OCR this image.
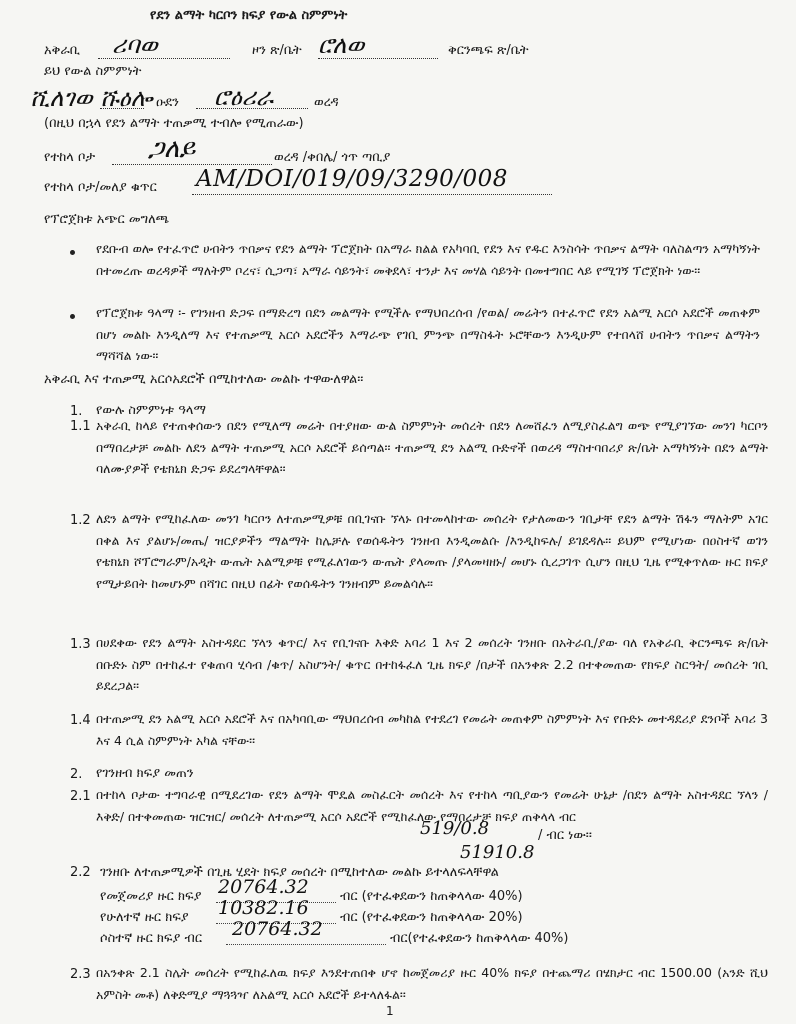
የደን ልማት ካርቦን ክፍያ የውል ስምምነት
አቅራቢ ሪባወ	ዞን ጽ/ቤት ሮለወ	ቅርንጫፍ ጽ/ቤት
ይህ የውል ስምምነት
ሺለገወ ሹዕሎ ዑደን ሮዕሪራ	ወረዳ
(በዚህ በኋላ የደን ልማት ተጠቃሚ ተብሎ የሚጠራው)
የተከላ ቦታ ጋለይ	ወረዳ /ቀበሌ/ ጎጥ ጣቢያ
የተከላ ቦታ/መለያ ቁጥር AM/DOI/019/09/3290/008
የፕሮጀክቱ አጭር መግለጫ
የደቡብ ወሎ የተፈጥሮ ሀብትን ጥበቃና የደን ልማት ፕሮጀክት በአማራ ክልል የአካባቢ የደን እና የዱር እንስሳት ጥበቃና ልማት ባለስልጣን አማካኝነት በተመረጡ ወረዳዎች ማለትም ቦረና፣ ሲጋጣ፣ አማራ ሳይንት፣ መቅደላ፣ ተንታ እና መሃል ሳይንት በመተግበር ላይ የሚገኝ ፕሮጀክት ነው፡፡
የፕሮጀክቱ ዓላማ ፡- የገንዘብ ድጋፍ በማድረግ በደን መልማት የሚችሉ የማህበረሰብ /የወል/ መሬትን በተፈጥሮ የደን አልሚ አርሶ አደሮች መጠቀም በሆነ መልኩ እንዲለማ እና የተጠቃሚ አርሶ አደሮችን እማራጭ የገቢ ምንጭ በማስፋት ኑሮቸውን እንዲሁም የተበላሸ ሀብትን ጥበቃና ልማትን ማሻሻል ነው፡፡
አቅራቢ እና ተጠቃሚ አርሶአደሮች በሚከተለው መልኩ ተዋውለዋል፡፡
1. የውሉ ስምምነቱ ዓላማ
1.1 አቅራቢ ከላይ የተጠቀሰውን በደን የሚለማ መሬት በተያዘው ውል ስምምነት መሰረት በደን ለመሸፈን ለሚያስፈልግ ወጭ የሚያገኘው መንገ ካርቦን በማበረታቻ መልኩ ለደን ልማት ተጠቃሚ አርሶ አደሮች ይሰጣል፡፡ ተጠቃሚ ደን አልሚ ቡድኖች በወረዳ ማስተባበሪያ ጽ/ቤት አማካኝነት በደን ልማት ባለሙያዎች የቴክኒክ ድጋፍ ይደረግላቸዋል፡፡
1.2 ለደን ልማት የሚከፈለው መንገ ካርቦን ለተጠቃሚዎቹ በቢገናቡ ኘላኑ በተመላከተው መሰረት የታለመውን ገቢታቸ የደን ልማት ሽፋን ማለትም አገር በቀል እና ያልሆኑ/መጤ/ ዝርያዎችን ማልማት ከሌቻሉ የወሰዱትን ገንዘብ እንዲመልሱ /እንዲከፍሉ/ ይገደዳሉ፡፡ ይህም የሚሆነው በዐስተኛ ወገን የቴክኒክ ሾፕሮግራም/አዲት ውጤት አልሚዎቹ የሚፈለገውን ውጤት ያላመጡ /ያላመዛዘኑ/ መሆኑ ሲረጋገጥ ሲሆን በዚህ ጊዜ የሚቀጥለው ዙር ክፍያ የሚታይበት ከመሆኑም በሻገር በዚህ በፊት የወሰዱትን ገንዘብም ይመልሳሉ፡፡
1.3 በሀደቀው የደን ልማት አስተዳደር ኘላን ቁጥር/ እና የቢገናቡ እቅድ አባሪ 1 እና 2 መሰረት ገንዘቡ በአትራቢ/ያው ባለ የአቅራቢ ቅርንጫፍ ጽ/ቤት በቡድኑ ስም በተከፈተ የቁጠባ ሂሳብ /ቁጥ/ አስሆንት/ ቁጥር በተከፋፈለ ጊዜ ክፍያ /በታች በአንቀጽ 2.2 በተቀመጠው የክፍያ ስርዓት/ መሰረት ገቢ ይደረጋል፡፡
1.4 በተጠቃሚ ደን አልሚ አርሶ አደሮች እና በአካባቢው ማህበረሰብ መካከል የተደረገ የመሬት መጠቀም ስምምነት እና የቡድኑ መተዳደሪያ ደንቦች አባሪ 3 እና 4 ሲል ስምምነት አካል ናቸው፡፡
2. የገንዘብ ክፍያ መጠን
2.1 በተከላ ቦታው ተግባራዊ በሚደረገው የደን ልማት ሞዴል መስፈርት መሰረት እና የተከላ ጣቢያውን የመሬት ሁኔታ /በደን ልማት አስተዳደር ኘላን /እቅድ/ በተቀመጠው ዝርዝር/ መሰረት ለተጠቃሚ አርሶ አደሮች የሚከፈለው የማበረታቻ ክፍያ ጠቅላላ ብር
519/0.8	/ ብር ነው፡፡
51910.8
2.2 ገንዘቡ ለተጠቃሚዎች በጊዜ ሂደት ክፍያ መሰረት በሚከተለው መልኩ ይተላለፍላቸዋል
የመጀመሪያ ዙር ክፍያ 20764.32 ብር (የተፈቀደውን ከጠቅላላው 40%)
የሁለተኛ ዙር ክፍያ 10382.16 ብር (የተፈቀደውን ከጠቅላላው 20%)
ሶስተኛ ዙር ክፍያ ብር 20764.32	ብር(የተፈቀደውን ከጠቅላላው 40%)
2.3 በአንቀጽ 2.1 ስሌት መሰረት የሚከፈለዉ ክፍያ እንደተጠበቀ ሆኖ ከመጀመሪያ ዙር 40% ክፍያ በተጨማሪ በሄክታር ብር 1500.00 (አንድ ሺህ አምስት መቶ) ለቅድሚያ ማጓጓዣ ለአልሚ አርሶ አደሮች ይተላለፋል፡፡
1
